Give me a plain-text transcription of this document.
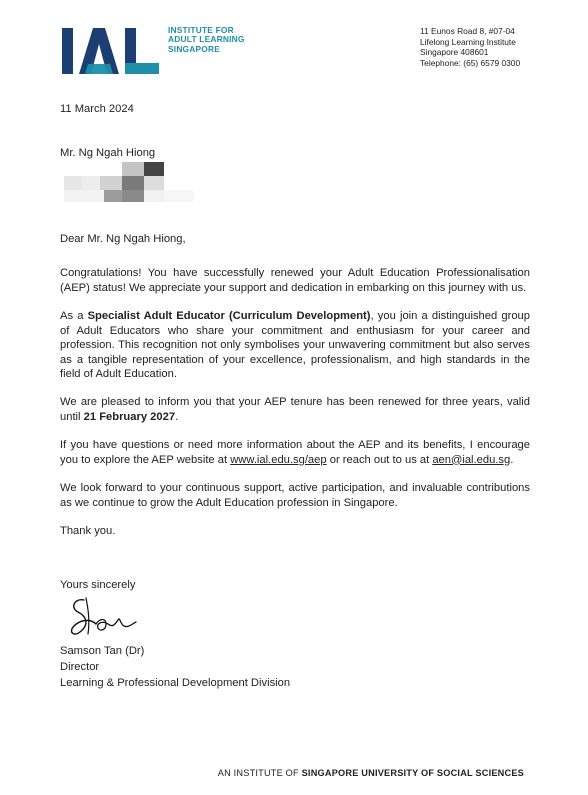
INSTITUTE FOR
ADULT LEARNING
SINGAPORE
11 Eunos Road 8, #07-04
Lifelong Learning Institute
Singapore 408601
Telephone: (65) 6579 0300
11 March 2024
Mr. Ng Ngah Hiong
Dear Mr. Ng Ngah Hiong,
Congratulations! You have successfully renewed your Adult Education Professionalisation (AEP) status! We appreciate your support and dedication in embarking on this journey with us.
As a Specialist Adult Educator (Curriculum Development), you join a distinguished group of Adult Educators who share your commitment and enthusiasm for your career and profession. This recognition not only symbolises your unwavering commitment but also serves as a tangible representation of your excellence, professionalism, and high standards in the field of Adult Education.
We are pleased to inform you that your AEP tenure has been renewed for three years, valid until 21 February 2027.
If you have questions or need more information about the AEP and its benefits, I encourage you to explore the AEP website at www.ial.edu.sg/aep or reach out to us at aen@ial.edu.sg.
We look forward to your continuous support, active participation, and invaluable contributions as we continue to grow the Adult Education profession in Singapore.
Thank you.
Yours sincerely
Samson Tan (Dr)
Director
Learning & Professional Development Division
AN INSTITUTE OF SINGAPORE UNIVERSITY OF SOCIAL SCIENCES
